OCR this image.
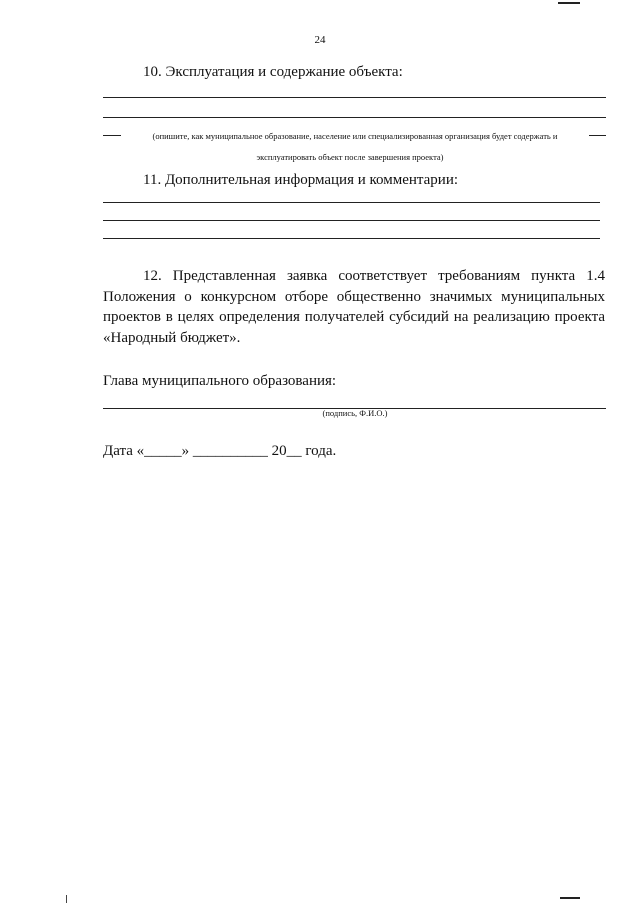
24
10. Эксплуатация и содержание объекта:
(опишите, как муниципальное образование, население или специализированная организация будет содержать и
эксплуатировать объект после завершения проекта)
11. Дополнительная информация и комментарии:
12. Представленная заявка соответствует требованиям пункта 1.4 Положения о конкурсном отборе общественно значимых муниципальных проектов в целях определения получателей субсидий на реализацию проекта «Народный бюджет».
Глава муниципального образования:
(подпись, Ф.И.О.)
Дата «_____» __________ 20__ года.
